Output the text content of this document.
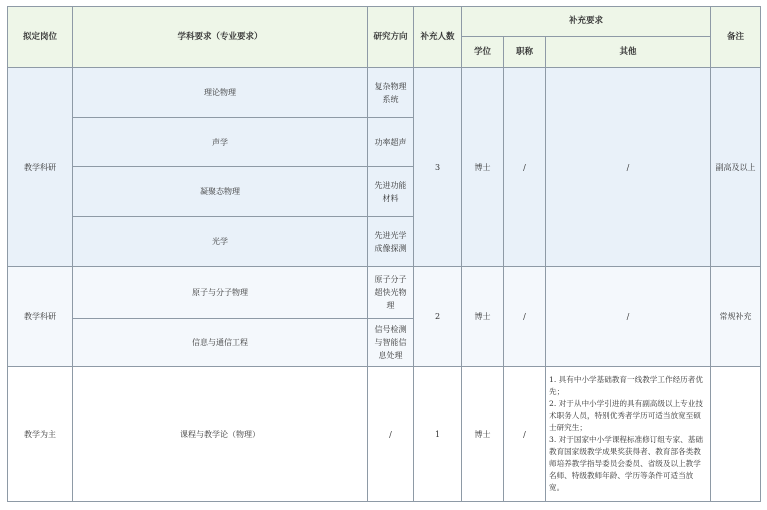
拟定岗位	学科要求（专业要求）	研究方向	补充人数	补充要求			备注
				学位	职称	其他	
教学科研	理论物理	复杂物理系统	3	博士	/	/	副高及以上
	声学	功率超声					
	凝聚态物理	先进功能材料					
	光学	先进光学成像探测					
教学科研	原子与分子物理	原子分子超快光物理	2	博士	/	/	常规补充
	信息与通信工程	信号检测与智能信息处理					
教学为主	课程与教学论（物理）	/	1	博士	/	1. 具有中小学基础教育一线教学工作经历者优先；
2. 对于从中小学引进的具有副高级以上专业技术职务人员，特别优秀者学历可适当放宽至硕士研究生；
3. 对于国家中小学课程标准修订组专家、基础教育国家级教学成果奖获得者、教育部各类教师培养教学指导委员会委员、省级及以上教学名师、特级教师年龄、学历等条件可适当放宽。	
